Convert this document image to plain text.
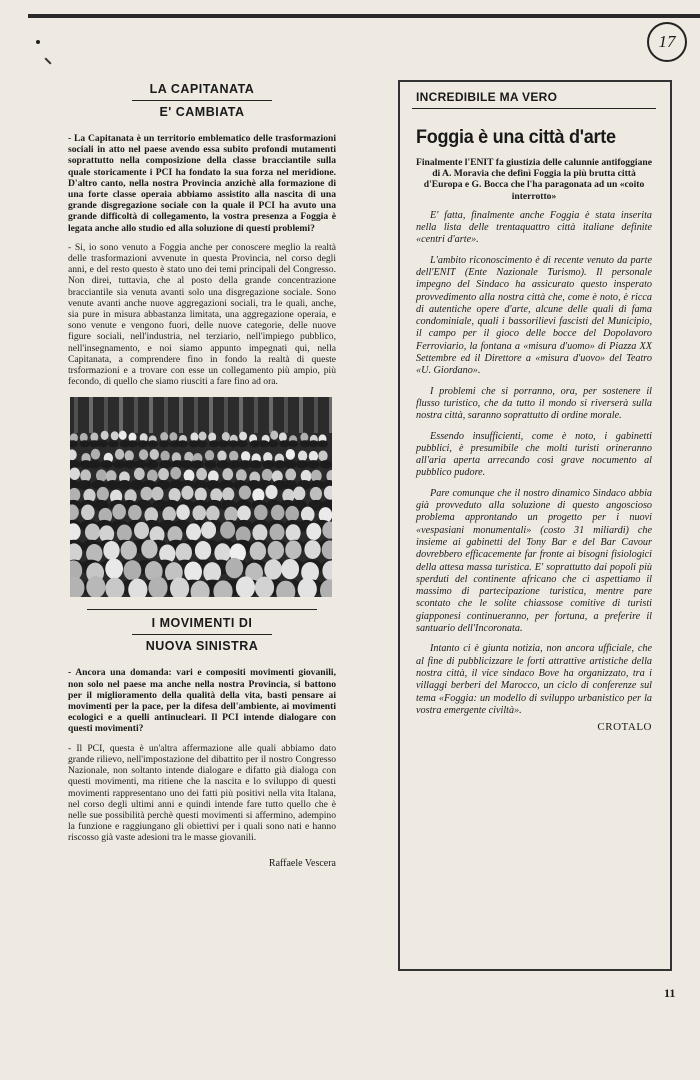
17
LA CAPITANATA
E' CAMBIATA

- La Capitanata è un territorio emblematico delle trasformazioni sociali in atto nel paese avendo essa subito profondi mutamenti soprattutto nella composizione della classe bracciantile sulla quale storicamente i PCI ha fondato la sua forza nel meridione. D'altro canto, nella nostra Provincia anzichè alla formazione di una forte classe operaia abbiamo assistito alla nascita di una grande disgregazione sociale con la quale il PCI ha avuto una grande difficoltà di collegamento, la vostra presenza a Foggia è legata anche allo studio ed alla soluzione di questi problemi?

- Si, io sono venuto a Foggia anche per conoscere meglio la realtà delle trasformazioni avvenute in questa Provincia, nel corso degli anni, e del resto questo è stato uno dei temi principali del Congresso. Non direi, tuttavia, che al posto della grande concentrazione bracciantile sia venuta avanti solo una disgregazione sociale. Sono venute avanti anche nuove aggregazioni sociali, tra le quali, anche, sia pure in misura abbastanza limitata, una aggregazione operaia, e sono venute e vengono fuori, delle nuove categorie, delle nuove figure sociali, nell'industria, nel terziario, nell'impiego pubblico, nell'insegnamento, e noi siamo appunto impegnati qui, nella Capitanata, a comprendere fino in fondo la realtà di queste trsformazioni e a trovare con esse un collegamento più ampio, più fecondo, di quello che siamo riusciti a fare fino ad ora.

I MOVIMENTI DI
NUOVA SINISTRA

- Ancora una domanda: vari e compositi movimenti giovanili, non solo nel paese ma anche nella nostra Provincia, si battono per il miglioramento della qualità della vita, basti pensare ai movimenti per la pace, per la difesa dell'ambiente, ai movimenti ecologici e a quelli antinucleari. Il PCI intende dialogare con questi movimenti?

- Il PCI, questa è un'altra affermazione alle quali abbiamo dato grande rilievo, nell'impostazione del dibattito per il nostro Congresso Nazionale, non soltanto intende dialogare e difatto già dialoga con questi movimenti, ma ritiene che la nascita e lo sviluppo di questi movimenti rappresentano uno dei fatti più positivi nella vita Italana, nel corso degli ultimi anni e quindi intende fare tutto quello che è nelle sue possibilità perchè questi movimenti si affermino, adempino la funzione e raggiungano gli obiettivi per i quali sono nati e hanno riscosso già vaste adesioni tra le masse giovanili.

Raffaele Vescera
INCREDIBILE MA VERO
Foggia è una città d'arte
Finalmente l'ENIT fa giustizia delle calunnie antifoggiane di A. Moravia che definì Foggia la più brutta città d'Europa e G. Bocca che l'ha paragonata ad un «coito interrotto»

E' fatta, finalmente anche Foggia è stata inserita nella lista delle trentaquattro città italiane definite «centri d'arte».

L'ambito riconoscimento è di recente venuto da parte dell'ENIT (Ente Nazionale Turismo). Il personale impegno del Sindaco ha assicurato questo insperato provvedimento alla nostra città che, come è noto, è ricca di autentiche opere d'arte, alcune delle quali di fama condominiale, quali i bassorilievi fascisti del Municipio, il campo per il gioco delle bocce del Dopolavoro Ferroviario, la fontana a «misura d'uomo» di Piazza XX Settembre ed il Direttore a «misura d'uovo» del Teatro «U. Giordano».

I problemi che si porranno, ora, per sostenere il flusso turistico, che da tutto il mondo si riverserà sulla nostra città, saranno soprattutto di ordine morale.

Essendo insufficienti, come è noto, i gabinetti pubblici, è presumibile che molti turisti orineranno all'aria aperta arrecando così grave nocumento al pubblico pudore.

Pare comunque che il nostro dinamico Sindaco abbia già provveduto alla soluzione di questo angoscioso problema approntando un progetto per i nuovi «vespasiani monumentali» (costo 31 miliardi) che insieme ai gabinetti del Tony Bar e del Bar Cavour dovrebbero efficacemente far fronte ai bisogni fisiologici della attesa massa turistica. E' soprattutto dai popoli più sperduti del continente africano che ci aspettiamo il massimo di partecipazione turistica, mentre pare scontato che le solite chiassose comitive di turisti giapponesi continueranno, per fortuna, a preferire il santuario dell'Incoronata.

Intanto ci è giunta notizia, non ancora ufficiale, che al fine di pubblicizzare le forti attrattive artistiche della nostra città, il vice sindaco Bove ha organizzato, tra i villaggi berberi del Marocco, un ciclo di conferenze sul tema «Foggia: un modello di sviluppo urbanistico per la vostra emergente civiltà».

CROTALO
11
